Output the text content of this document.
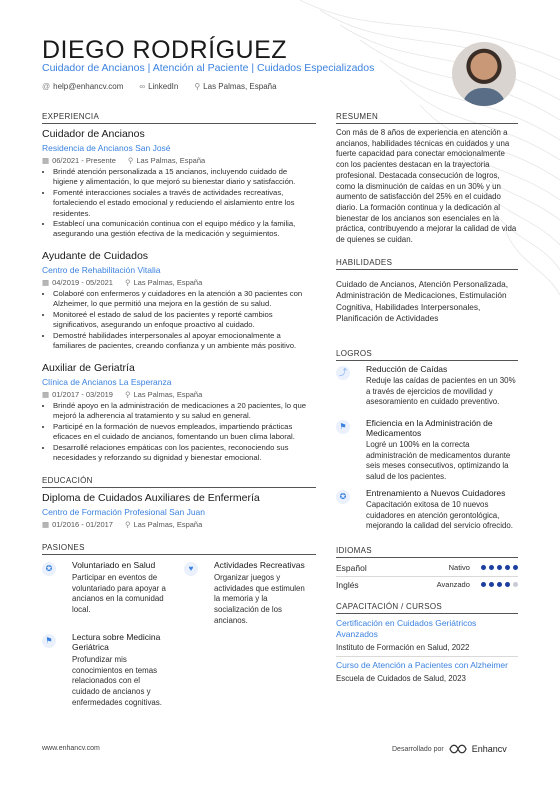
DIEGO RODRÍGUEZ
Cuidador de Ancianos | Atención al Paciente | Cuidados Especializados
@ help@enhancv.com ∞ LinkedIn ⚲ Las Palmas, España
EXPERIENCIA
Cuidador de Ancianos
Residencia de Ancianos San José
▦ 06/2021 - Presente ⚲ Las Palmas, España
• Brindé atención personalizada a 15 ancianos, incluyendo cuidado de higiene y alimentación, lo que mejoró su bienestar diario y satisfacción.
• Fomenté interacciones sociales a través de actividades recreativas, fortaleciendo el estado emocional y reduciendo el aislamiento entre los residentes.
• Establecí una comunicación continua con el equipo médico y la familia, asegurando una gestión efectiva de la medicación y seguimientos.
Ayudante de Cuidados
Centro de Rehabilitación Vitalia
▦ 04/2019 - 05/2021 ⚲ Las Palmas, España
• Colaboré con enfermeros y cuidadores en la atención a 30 pacientes con Alzheimer, lo que permitió una mejora en la gestión de su salud.
• Monitoreé el estado de salud de los pacientes y reporté cambios significativos, asegurando un enfoque proactivo al cuidado.
• Demostré habilidades interpersonales al apoyar emocionalmente a familiares de pacientes, creando confianza y un ambiente más positivo.
Auxiliar de Geriatría
Clínica de Ancianos La Esperanza
▦ 01/2017 - 03/2019 ⚲ Las Palmas, España
• Brindé apoyo en la administración de medicaciones a 20 pacientes, lo que mejoró la adherencia al tratamiento y su salud en general.
• Participé en la formación de nuevos empleados, impartiendo prácticas eficaces en el cuidado de ancianos, fomentando un buen clima laboral.
• Desarrollé relaciones empáticas con los pacientes, reconociendo sus necesidades y reforzando su dignidad y bienestar emocional.
EDUCACIÓN
Diploma de Cuidados Auxiliares de Enfermería
Centro de Formación Profesional San Juan
▦ 01/2016 - 01/2017 ⚲ Las Palmas, España
PASIONES
✪	Voluntariado en Salud
Participar en eventos de voluntariado para apoyar a ancianos en la comunidad local.
♥	Actividades Recreativas
Organizar juegos y actividades que estimulen la memoria y la socialización de los ancianos.
⚑	Lectura sobre Medicina Geriátrica
Profundizar mis conocimientos en temas relacionados con el cuidado de ancianos y enfermedades cognitivas.
RESUMEN
Con más de 8 años de experiencia en atención a ancianos, habilidades técnicas en cuidados y una fuerte capacidad para conectar emocionalmente con los pacientes destacan en la trayectoria profesional. Destacada consecución de logros, como la disminución de caídas en un 30% y un aumento de satisfacción del 25% en el cuidado diario. La formación continua y la dedicación al bienestar de los ancianos son esenciales en la práctica, contribuyendo a mejorar la calidad de vida de quienes se cuidan.
HABILIDADES
Cuidado de Ancianos, Atención Personalizada, Administración de Medicaciones, Estimulación Cognitiva, Habilidades Interpersonales, Planificación de Actividades
LOGROS
⤴	Reducción de Caídas
Reduje las caídas de pacientes en un 30% a través de ejercicios de movilidad y asesoramiento en cuidado preventivo.
⚑	Eficiencia en la Administración de Medicamentos
Logré un 100% en la correcta administración de medicamentos durante seis meses consecutivos, optimizando la salud de los pacientes.
✪	Entrenamiento a Nuevos Cuidadores
Capacitación exitosa de 10 nuevos cuidadores en atención gerontológica, mejorando la calidad del servicio ofrecido.
IDIOMAS
Español	Nativo
Inglés	Avanzado
CAPACITACIÓN / CURSOS
Certificación en Cuidados Geriátricos Avanzados
Instituto de Formación en Salud, 2022
Curso de Atención a Pacientes con Alzheimer
Escuela de Cuidados de Salud, 2023
www.enhancv.com	Desarrollado por	Enhancv
